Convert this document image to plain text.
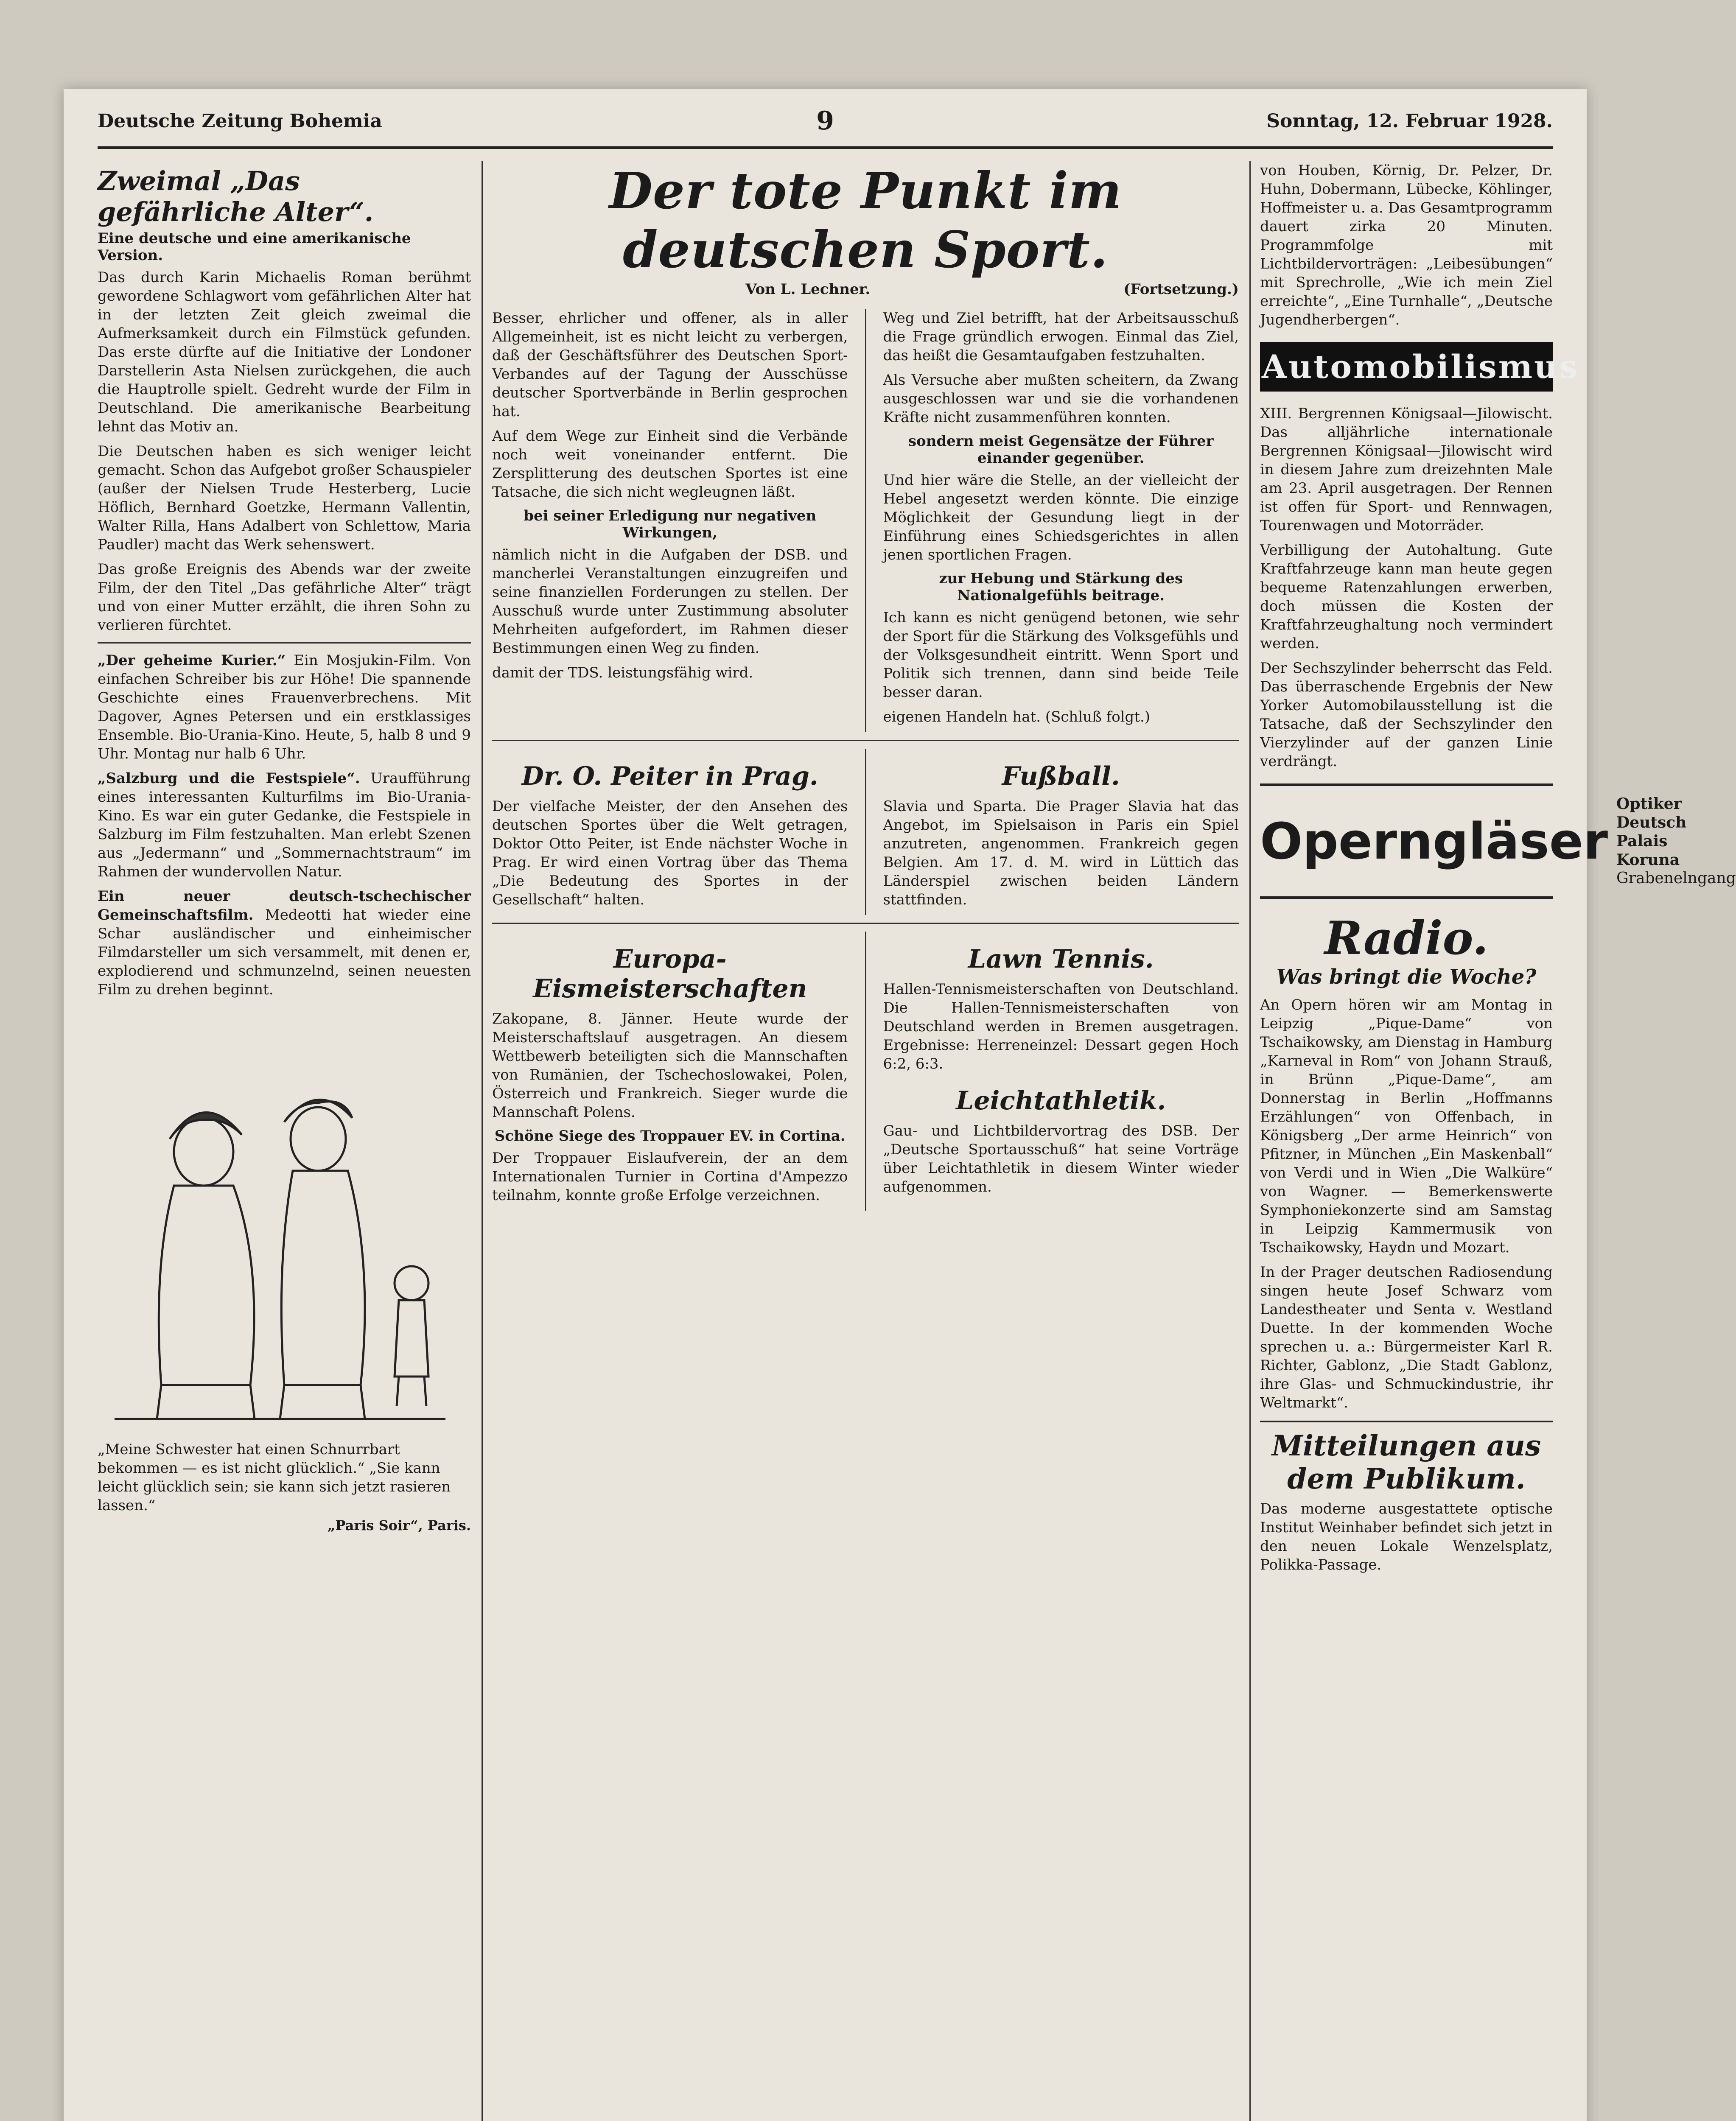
Deutsche Zeitung Bohemia	9	Sonntag, 12. Februar 1928.
Zweimal „Das gefährliche Alter“.
Eine deutsche und eine amerikanische Version.

Das durch Karin Michaelis Roman berühmt gewordene Schlagwort vom gefährlichen Alter hat in der letzten Zeit gleich zweimal die Aufmerksamkeit durch ein Filmstück gefunden. Das erste dürfte auf die Initiative der Londoner Darstellerin Asta Nielsen zurückgehen, die auch die Hauptrolle spielt. Gedreht wurde der Film in Deutschland. Die amerikanische Bearbeitung lehnt das Motiv an.

Die Deutschen haben es sich weniger leicht gemacht. Schon das Aufgebot großer Schauspieler (außer der Nielsen Trude Hesterberg, Lucie Höflich, Bernhard Goetzke, Hermann Vallentin, Walter Rilla, Hans Adalbert von Schlettow, Maria Paudler) macht das Werk sehenswert.

Das große Ereignis des Abends war der zweite Film, der den Titel „Das gefährliche Alter“ trägt und von einer Mutter erzählt, die ihren Sohn zu verlieren fürchtet.

„Der geheime Kurier.“ Ein Mosjukin-Film. Von einfachen Schreiber bis zur Höhe! Die spannende Geschichte eines Frauenverbrechens. Mit Dagover, Agnes Petersen und ein erstklassiges Ensemble. Bio-Urania-Kino. Heute, 5, halb 8 und 9 Uhr. Montag nur halb 6 Uhr.

„Salzburg und die Festspiele“. Uraufführung eines interessanten Kulturfilms im Bio-Urania-Kino. Es war ein guter Gedanke, die Festspiele in Salzburg im Film festzuhalten. Man erlebt Szenen aus „Jedermann“ und „Sommernachtstraum“ im Rahmen der wundervollen Natur.

Ein neuer deutsch-tschechischer Gemeinschaftsfilm. Medeotti hat wieder eine Schar ausländischer und einheimischer Filmdarsteller um sich versammelt, mit denen er, explodierend und schmunzelnd, seinen neuesten Film zu drehen beginnt.

„Meine Schwester hat einen Schnurrbart bekommen — es ist nicht glücklich.“ „Sie kann leicht glücklich sein; sie kann sich jetzt rasieren lassen.“

„Paris Soir“, Paris.
Der tote Punkt im deutschen Sport.
Von L. Lechner.	(Fortsetzung.)

Besser, ehrlicher und offener, als in aller Allgemeinheit, ist es nicht leicht zu verbergen, daß der Geschäftsführer des Deutschen Sport-Verbandes auf der Tagung der Ausschüsse deutscher Sportverbände in Berlin gesprochen hat.

Auf dem Wege zur Einheit sind die Verbände noch weit voneinander entfernt. Die Zersplitterung des deutschen Sportes ist eine Tatsache, die sich nicht wegleugnen läßt.

bei seiner Erledigung nur negativen Wirkungen,

nämlich nicht in die Aufgaben der DSB. und mancherlei Veranstaltungen einzugreifen und seine finanziellen Forderungen zu stellen. Der Ausschuß wurde unter Zustimmung absoluter Mehrheiten aufgefordert, im Rahmen dieser Bestimmungen einen Weg zu finden.

damit der TDS. leistungsfähig wird.

Weg und Ziel betrifft, hat der Arbeitsausschuß die Frage gründlich erwogen. Einmal das Ziel, das heißt die Gesamtaufgaben festzuhalten.

Als Versuche aber mußten scheitern, da Zwang ausgeschlossen war und sie die vorhandenen Kräfte nicht zusammenführen konnten.

sondern meist Gegensätze der Führer einander gegenüber.

Und hier wäre die Stelle, an der vielleicht der Hebel angesetzt werden könnte. Die einzige Möglichkeit der Gesundung liegt in der Einführung eines Schiedsgerichtes in allen jenen sportlichen Fragen.

zur Hebung und Stärkung des Nationalgefühls beitrage.

Ich kann es nicht genügend betonen, wie sehr der Sport für die Stärkung des Volksgefühls und der Volksgesundheit eintritt. Wenn Sport und Politik sich trennen, dann sind beide Teile besser daran.

eigenen Handeln hat. (Schluß folgt.)

Dr. O. Peiter in Prag.

Der vielfache Meister, der den Ansehen des deutschen Sportes über die Welt getragen, Doktor Otto Peiter, ist Ende nächster Woche in Prag. Er wird einen Vortrag über das Thema „Die Bedeutung des Sportes in der Gesellschaft“ halten.

Fußball.

Slavia und Sparta. Die Prager Slavia hat das Angebot, im Spielsaison in Paris ein Spiel anzutreten, angenommen. Frankreich gegen Belgien. Am 17. d. M. wird in Lüttich das Länderspiel zwischen beiden Ländern stattfinden.

Europa-Eismeisterschaften

Zakopane, 8. Jänner. Heute wurde der Meisterschaftslauf ausgetragen. An diesem Wettbewerb beteiligten sich die Mannschaften von Rumänien, der Tschechoslowakei, Polen, Österreich und Frankreich. Sieger wurde die Mannschaft Polens.

Schöne Siege des Troppauer EV. in Cortina.

Der Troppauer Eislaufverein, der an dem Internationalen Turnier in Cortina d'Ampezzo teilnahm, konnte große Erfolge verzeichnen.

Lawn Tennis.

Hallen-Tennismeisterschaften von Deutschland. Die Hallen-Tennismeisterschaften von Deutschland werden in Bremen ausgetragen. Ergebnisse: Herreneinzel: Dessart gegen Hoch 6:2, 6:3.

Leichtathletik.

Gau- und Lichtbildervortrag des DSB. Der „Deutsche Sportausschuß“ hat seine Vorträge über Leichtathletik in diesem Winter wieder aufgenommen.

von Houben, Körnig, Dr. Pelzer, Dr. Huhn, Dobermann, Lübecke, Köhlinger, Hoffmeister u. a. Das Gesamtprogramm dauert zirka 20 Minuten. Programmfolge mit Lichtbildervorträgen: „Leibesübungen“ mit Sprechrolle, „Wie ich mein Ziel erreichte“, „Eine Turnhalle“, „Deutsche Jugendherbergen“.

Automobilismus

XIII. Bergrennen Königsaal—Jilowischt. Das alljährliche internationale Bergrennen Königsaal—Jilowischt wird in diesem Jahre zum dreizehnten Male am 23. April ausgetragen. Der Rennen ist offen für Sport- und Rennwagen, Tourenwagen und Motorräder.

Verbilligung der Autohaltung. Gute Kraftfahrzeuge kann man heute gegen bequeme Ratenzahlungen erwerben, doch müssen die Kosten der Kraftfahrzeughaltung noch vermindert werden.

Der Sechszylinder beherrscht das Feld. Das überraschende Ergebnis der New Yorker Automobilausstellung ist die Tatsache, daß der Sechszylinder den Vierzylinder auf der ganzen Linie verdrängt.

Operngläser
Optiker Deutsch
Palais Koruna
Grabenelngang
Radio.
Was bringt die Woche?

An Opern hören wir am Montag in Leipzig „Pique-Dame“ von Tschaikowsky, am Dienstag in Hamburg „Karneval in Rom“ von Johann Strauß, in Brünn „Pique-Dame“, am Donnerstag in Berlin „Hoffmanns Erzählungen“ von Offenbach, in Königsberg „Der arme Heinrich“ von Pfitzner, in München „Ein Maskenball“ von Verdi und in Wien „Die Walküre“ von Wagner. — Bemerkenswerte Symphoniekonzerte sind am Samstag in Leipzig Kammermusik von Tschaikowsky, Haydn und Mozart.

In der Prager deutschen Radiosendung singen heute Josef Schwarz vom Landestheater und Senta v. Westland Duette. In der kommenden Woche sprechen u. a.: Bürgermeister Karl R. Richter, Gablonz, „Die Stadt Gablonz, ihre Glas- und Schmuckindustrie, ihr Weltmarkt“.

Mitteilungen aus dem Publikum.

Das moderne ausgestattete optische Institut Weinhaber befindet sich jetzt in den neuen Lokale Wenzelsplatz, Polikka-Passage.
